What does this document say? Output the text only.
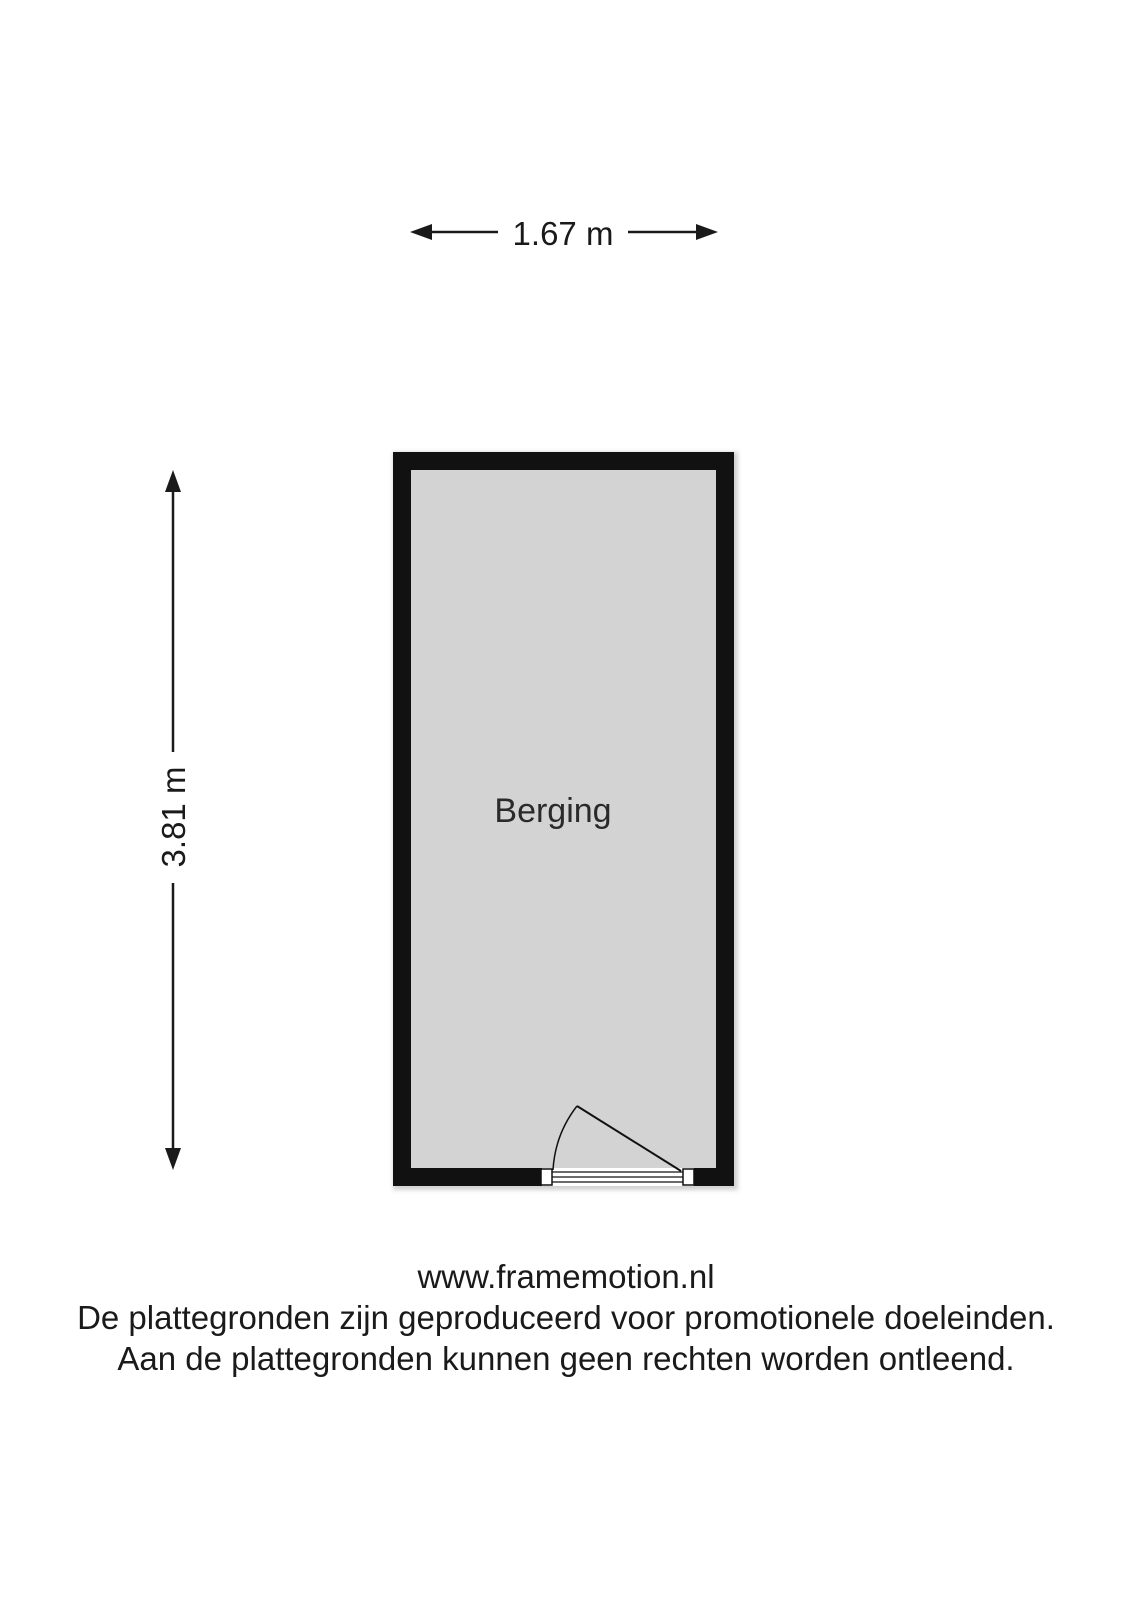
1.67 m
3.81 m	Berging
www.framemotion.nl
De plattegronden zijn geproduceerd voor promotionele doeleinden.
Aan de plattegronden kunnen geen rechten worden ontleend.
